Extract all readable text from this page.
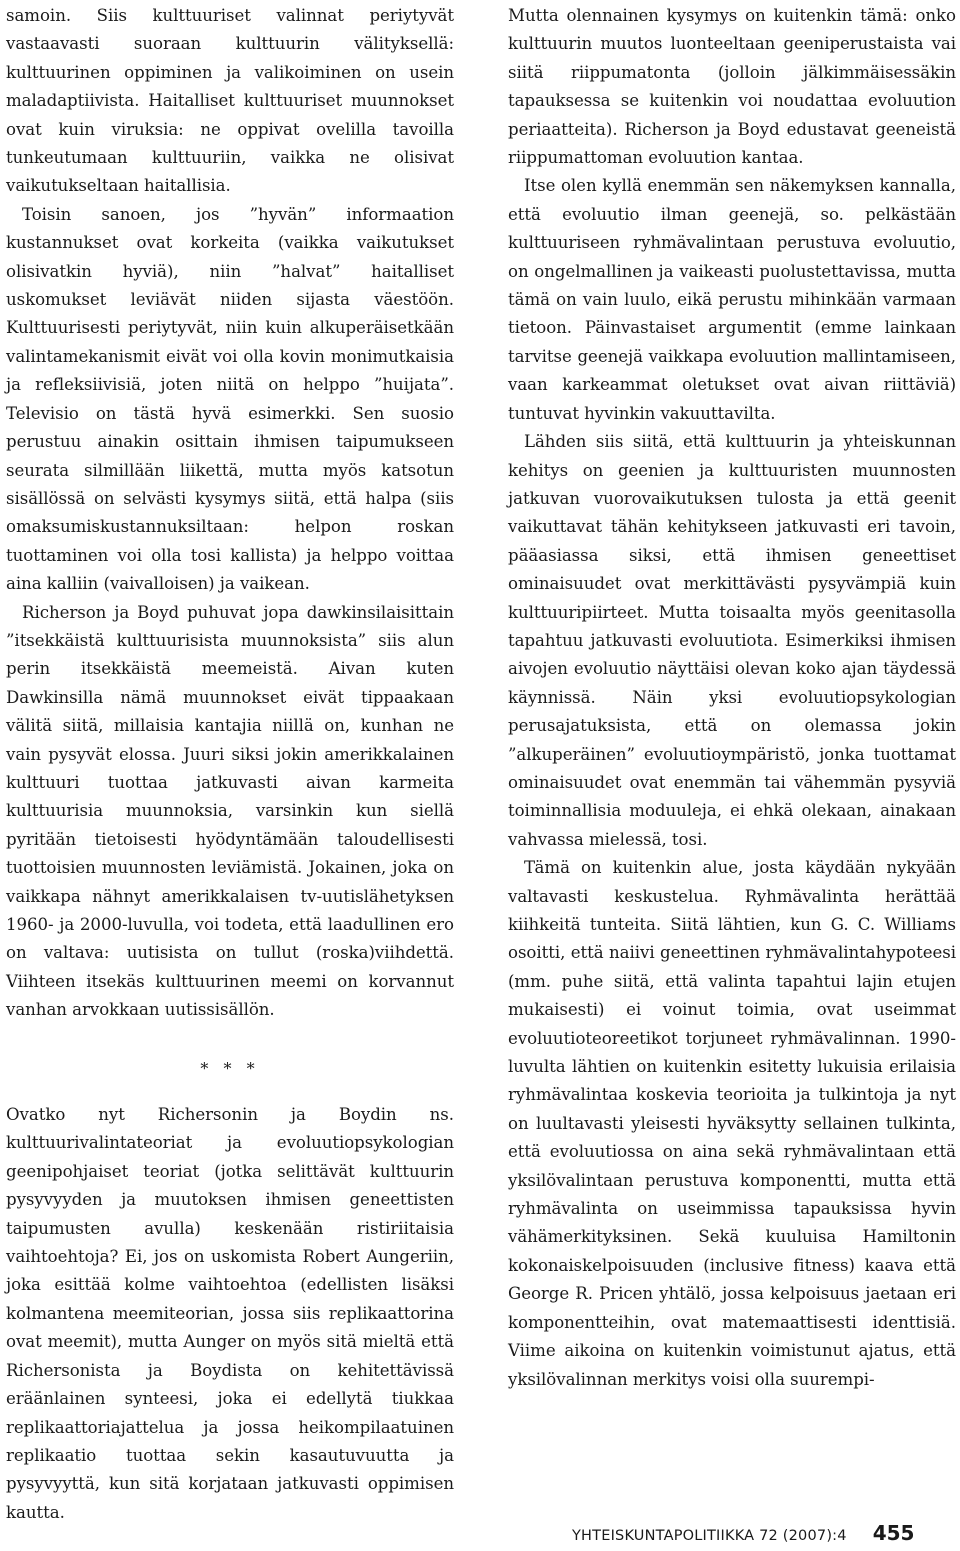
samoin. Siis kulttuuriset valinnat periytyvät vastaavasti suoraan kulttuurin välityksellä: kulttuurinen oppiminen ja valikoiminen on usein maladaptiivista. Haitalliset kulttuuriset muunnokset ovat kuin viruksia: ne oppivat ovelilla tavoilla tunkeutumaan kulttuuriin, vaikka ne olisivat vaikutukseltaan haitallisia.

Toisin sanoen, jos ”hyvän” informaation kustannukset ovat korkeita (vaikka vaikutukset olisivatkin hyviä), niin ”halvat” haitalliset uskomukset leviävät niiden sijasta väestöön. Kulttuurisesti periytyvät, niin kuin alkuperäisetkään valintamekanismit eivät voi olla kovin monimutkaisia ja refleksiivisiä, joten niitä on helppo ”huijata”. Televisio on tästä hyvä esimerkki. Sen suosio perustuu ainakin osittain ihmisen taipumukseen seurata silmillään liikettä, mutta myös katsotun sisällössä on selvästi kysymys siitä, että halpa (siis omaksumiskustannuksiltaan: helpon roskan tuottaminen voi olla tosi kallista) ja helppo voittaa aina kalliin (vaivalloisen) ja vaikean.

Richerson ja Boyd puhuvat jopa dawkinsilaisittain ”itsekkäistä kulttuurisista muunnoksista” siis alun perin itsekkäistä meemeistä. Aivan kuten Dawkinsilla nämä muunnokset eivät tippaakaan välitä siitä, millaisia kantajia niillä on, kunhan ne vain pysyvät elossa. Juuri siksi jokin amerikkalainen kulttuuri tuottaa jatkuvasti aivan karmeita kulttuurisia muunnoksia, varsinkin kun siellä pyritään tietoisesti hyödyntämään taloudellisesti tuottoisien muunnosten leviämistä. Jokainen, joka on vaikkapa nähnyt amerikkalaisen tv-uutislähetyksen 1960- ja 2000-luvulla, voi todeta, että laadullinen ero on valtava: uutisista on tullut (roska)viihdettä. Viihteen itsekäs kulttuurinen meemi on korvannut vanhan arvokkaan uutissisällön.

* * *

Ovatko nyt Richersonin ja Boydin ns. kulttuurivalintateoriat ja evoluutiopsykologian geenipohjaiset teoriat (jotka selittävät kulttuurin pysyvyyden ja muutoksen ihmisen geneettisten taipumusten avulla) keskenään ristiriitaisia vaihtoehtoja? Ei, jos on uskomista Robert Aungeriin, joka esittää kolme vaihtoehtoa (edellisten lisäksi kolmantena meemiteorian, jossa siis replikaattorina ovat meemit), mutta Aunger on myös sitä mieltä että Richersonista ja Boydista on kehitettävissä eräänlainen synteesi, joka ei edellytä tiukkaa replikaattoriajattelua ja jossa heikompilaatuinen replikaatio tuottaa sekin kasautuvuutta ja pysyvyyttä, kun sitä korjataan jatkuvasti oppimisen kautta.

Mutta olennainen kysymys on kuitenkin tämä: onko kulttuurin muutos luonteeltaan geeniperustaista vai siitä riippumatonta (jolloin jälkimmäisessäkin tapauksessa se kuitenkin voi noudattaa evoluution periaatteita). Richerson ja Boyd edustavat geeneistä riippumattoman evoluution kantaa.

Itse olen kyllä enemmän sen näkemyksen kannalla, että evoluutio ilman geenejä, so. pelkästään kulttuuriseen ryhmävalintaan perustuva evoluutio, on ongelmallinen ja vaikeasti puolustettavissa, mutta tämä on vain luulo, eikä perustu mihinkään varmaan tietoon. Päinvastaiset argumentit (emme lainkaan tarvitse geenejä vaikkapa evoluution mallintamiseen, vaan karkeammat oletukset ovat aivan riittäviä) tuntuvat hyvinkin vakuuttavilta.

Lähden siis siitä, että kulttuurin ja yhteiskunnan kehitys on geenien ja kulttuuristen muunnosten jatkuvan vuorovaikutuksen tulosta ja että geenit vaikuttavat tähän kehitykseen jatkuvasti eri tavoin, pääasiassa siksi, että ihmisen geneettiset ominaisuudet ovat merkittävästi pysyvämpiä kuin kulttuuripiirteet. Mutta toisaalta myös geenitasolla tapahtuu jatkuvasti evoluutiota. Esimerkiksi ihmisen aivojen evoluutio näyttäisi olevan koko ajan täydessä käynnissä. Näin yksi evoluutiopsykologian perusajatuksista, että on olemassa jokin ”alkuperäinen” evoluutioympäristö, jonka tuottamat ominaisuudet ovat enemmän tai vähemmän pysyviä toiminnallisia moduuleja, ei ehkä olekaan, ainakaan vahvassa mielessä, tosi.

Tämä on kuitenkin alue, josta käydään nykyään valtavasti keskustelua. Ryhmävalinta herättää kiihkeitä tunteita. Siitä lähtien, kun G. C. Williams osoitti, että naiivi geneettinen ryhmävalintahypoteesi (mm. puhe siitä, että valinta tapahtui lajin etujen mukaisesti) ei voinut toimia, ovat useimmat evoluutioteoreetikot torjuneet ryhmävalinnan. 1990-luvulta lähtien on kuitenkin esitetty lukuisia erilaisia ryhmävalintaa koskevia teorioita ja tulkintoja ja nyt on luultavasti yleisesti hyväksytty sellainen tulkinta, että evoluutiossa on aina sekä ryhmävalintaan että yksilövalintaan perustuva komponentti, mutta että ryhmävalinta on useimmissa tapauksissa hyvin vähämerkityksinen. Sekä kuuluisa Hamiltonin kokonaiskelpoisuuden (inclusive fitness) kaava että George R. Pricen yhtälö, jossa kelpoisuus jaetaan eri komponentteihin, ovat matemaattisesti identtisiä. Viime aikoina on kuitenkin voimistunut ajatus, että yksilövalinnan merkitys voisi olla suurempi-

YHTEISKUNTAPOLITIIKKA 72 (2007):4 455
